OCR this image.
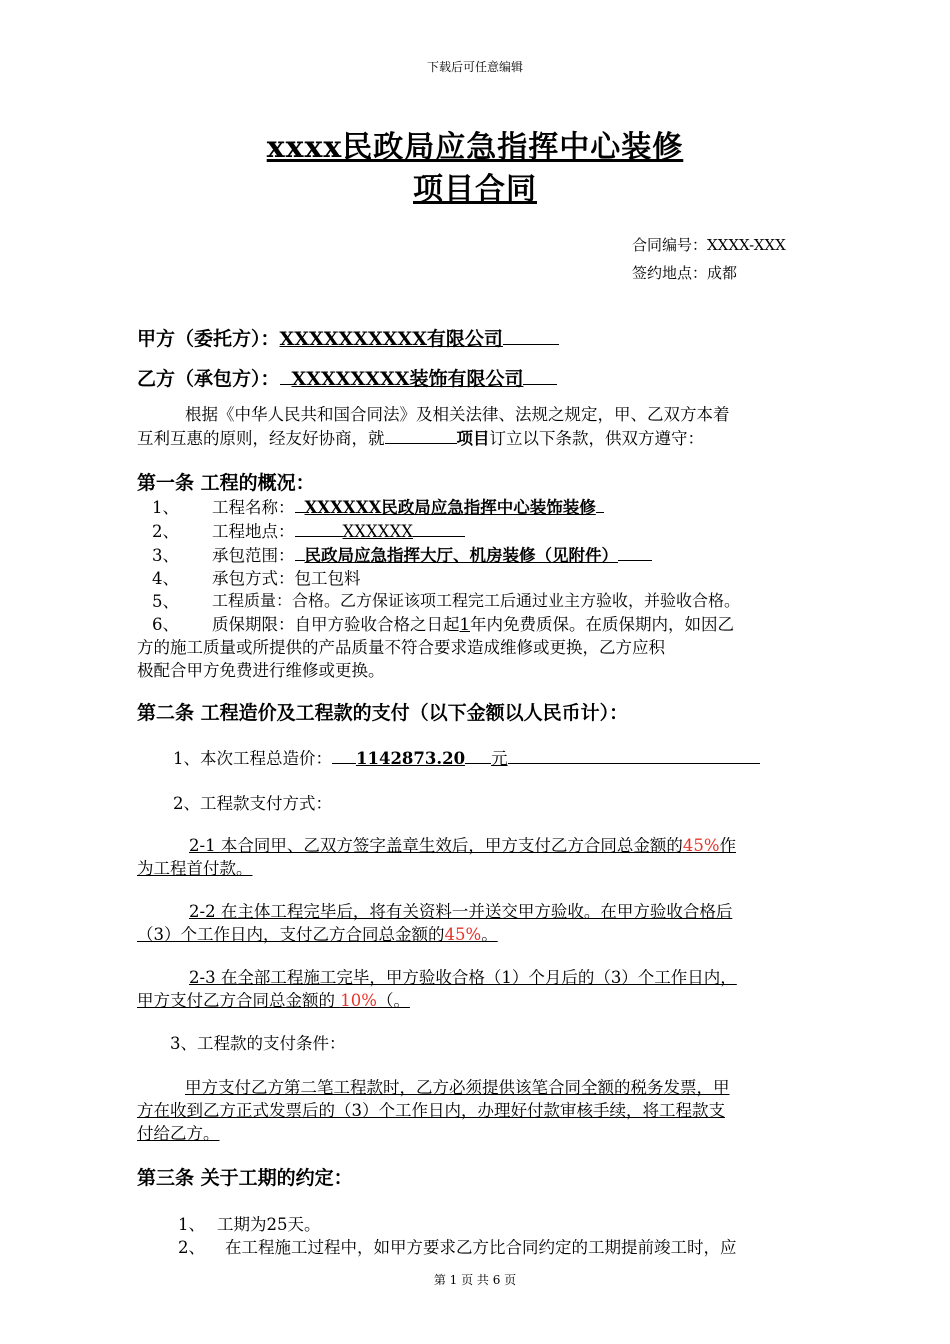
下载后可任意编辑
xxxx民政局应急指挥中心装修
项目合同
合同编号：XXXX-XXX
签约地点：成都
甲方（委托方）：XXXXXXXXXX有限公司
乙方（承包方）： XXXXXXXX装饰有限公司
根据《中华人民共和国合同法》及相关法律、法规之规定，甲、乙双方本着
互利互惠的原则，经友好协商，就	项目订立以下条款，供双方遵守：
第一条 工程的概况：
1、 工程名称： XXXXXX民政局应急指挥中心装饰装修
2、 工程地点：	XXXXXX
3、 承包范围： 民政局应急指挥大厅、机房装修（见附件）
4、 承包方式：包工包料
5、 工程质量：合格。乙方保证该项工程完工后通过业主方验收，并验收合格。
6、 质保期限：自甲方验收合格之日起1年内免费质保。在质保期内，如因乙
方的施工质量或所提供的产品质量不符合要求造成维修或更换，乙方应积
极配合甲方免费进行维修或更换。
第二条 工程造价及工程款的支付（以下金额以人民币计）：
1、本次工程总造价： 1142873.20 元
2、工程款支付方式：
2-1 本合同甲、乙双方签字盖章生效后，甲方支付乙方合同总金额的45%作
为工程首付款。
2-2 在主体工程完毕后，将有关资料一并送交甲方验收。在甲方验收合格后
（3）个工作日内，支付乙方合同总金额的45%。
2-3 在全部工程施工完毕，甲方验收合格（1）个月后的（3）个工作日内，
甲方支付乙方合同总金额的 10%（。
3、工程款的支付条件：
甲方支付乙方第二笔工程款时，乙方必须提供该笔合同全额的税务发票，甲
方在收到乙方正式发票后的（3）个工作日内，办理好付款审核手续，将工程款支
付给乙方。
第三条 关于工期的约定：
1、 工期为25天。
2、 在工程施工过程中，如甲方要求乙方比合同约定的工期提前竣工时，应
第 1 页 共 6 页
